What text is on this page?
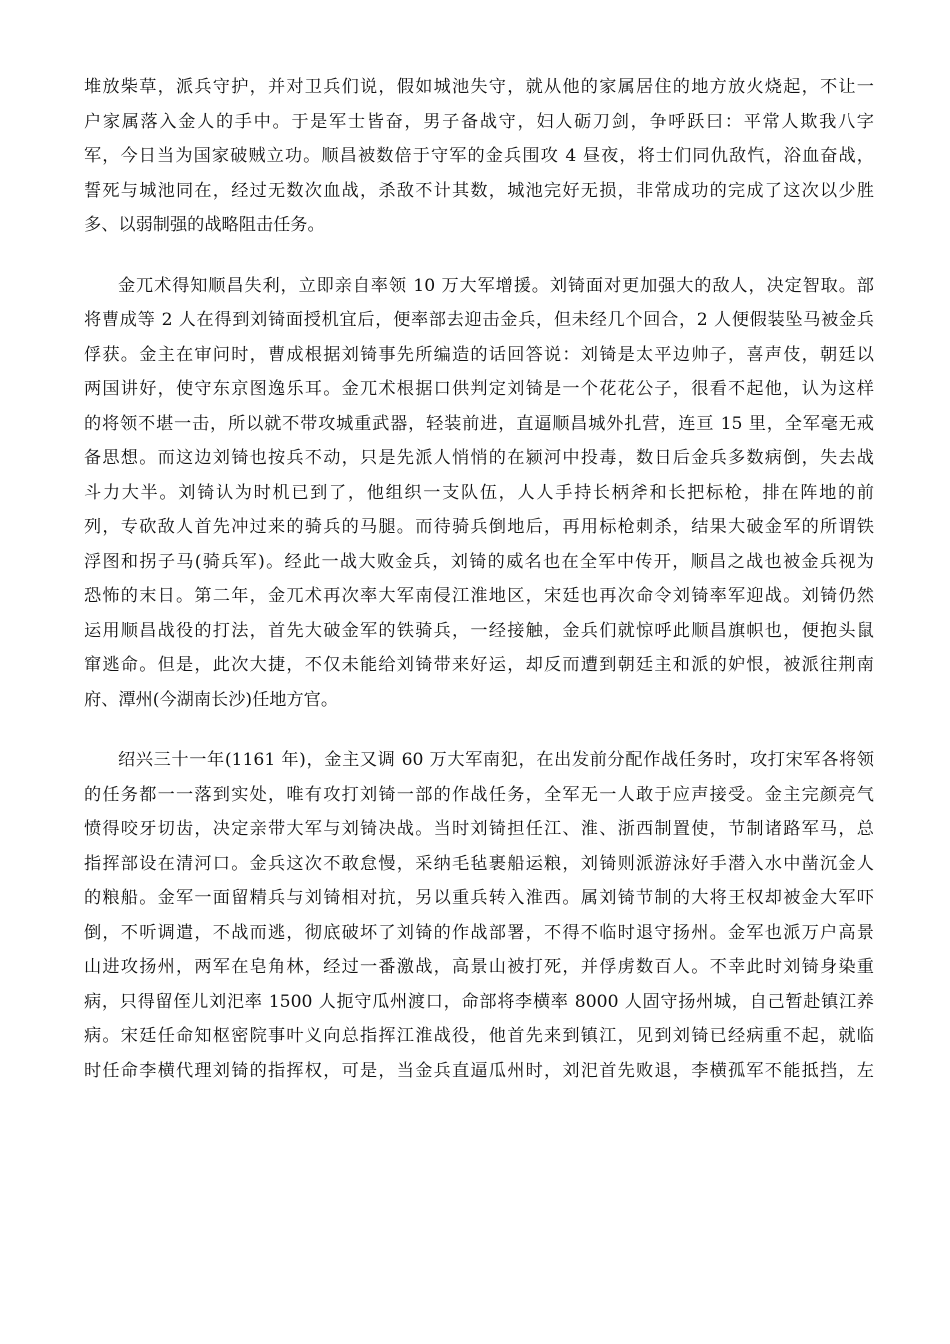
堆放柴草，派兵守护，并对卫兵们说，假如城池失守，就从他的家属居住的地方放火烧起，不让一
户家属落入金人的手中。于是军士皆奋，男子备战守，妇人砺刀剑，争呼跃曰：平常人欺我八字
军，今日当为国家破贼立功。顺昌被数倍于守军的金兵围攻 4 昼夜，将士们同仇敌忾，浴血奋战，
誓死与城池同在，经过无数次血战，杀敌不计其数，城池完好无损，非常成功的完成了这次以少胜
多、以弱制强的战略阻击任务。
金兀术得知顺昌失利，立即亲自率领 10 万大军增援。刘锜面对更加强大的敌人，决定智取。部
将曹成等 2 人在得到刘锜面授机宜后，便率部去迎击金兵，但未经几个回合，2 人便假装坠马被金兵
俘获。金主在审问时，曹成根据刘锜事先所编造的话回答说：刘锜是太平边帅子，喜声伎，朝廷以
两国讲好，使守东京图逸乐耳。金兀术根据口供判定刘锜是一个花花公子，很看不起他，认为这样
的将领不堪一击，所以就不带攻城重武器，轻装前进，直逼顺昌城外扎营，连亘 15 里，全军毫无戒
备思想。而这边刘锜也按兵不动，只是先派人悄悄的在颍河中投毒，数日后金兵多数病倒，失去战
斗力大半。刘锜认为时机已到了，他组织一支队伍，人人手持长柄斧和长把标枪，排在阵地的前
列，专砍敌人首先冲过来的骑兵的马腿。而待骑兵倒地后，再用标枪刺杀，结果大破金军的所谓铁
浮图和拐子马(骑兵军)。经此一战大败金兵，刘锜的威名也在全军中传开，顺昌之战也被金兵视为
恐怖的末日。第二年，金兀术再次率大军南侵江淮地区，宋廷也再次命令刘锜率军迎战。刘锜仍然
运用顺昌战役的打法，首先大破金军的铁骑兵，一经接触，金兵们就惊呼此顺昌旗帜也，便抱头鼠
窜逃命。但是，此次大捷，不仅未能给刘锜带来好运，却反而遭到朝廷主和派的妒恨，被派往荆南
府、潭州(今湖南长沙)任地方官。
绍兴三十一年(1161 年)，金主又调 60 万大军南犯，在出发前分配作战任务时，攻打宋军各将领
的任务都一一落到实处，唯有攻打刘锜一部的作战任务，全军无一人敢于应声接受。金主完颜亮气
愤得咬牙切齿，决定亲带大军与刘锜决战。当时刘锜担任江、淮、浙西制置使，节制诸路军马，总
指挥部设在清河口。金兵这次不敢怠慢，采纳毛毡裹船运粮，刘锜则派游泳好手潜入水中凿沉金人
的粮船。金军一面留精兵与刘锜相对抗，另以重兵转入淮西。属刘锜节制的大将王权却被金大军吓
倒，不听调遣，不战而逃，彻底破坏了刘锜的作战部署，不得不临时退守扬州。金军也派万户高景
山进攻扬州，两军在皂角林，经过一番激战，高景山被打死，并俘虏数百人。不幸此时刘锜身染重
病，只得留侄儿刘汜率 1500 人扼守瓜州渡口，命部将李横率 8000 人固守扬州城，自己暂赴镇江养
病。宋廷任命知枢密院事叶义向总指挥江淮战役，他首先来到镇江，见到刘锜已经病重不起，就临
时任命李横代理刘锜的指挥权，可是，当金兵直逼瓜州时，刘汜首先败退，李横孤军不能抵挡，左
